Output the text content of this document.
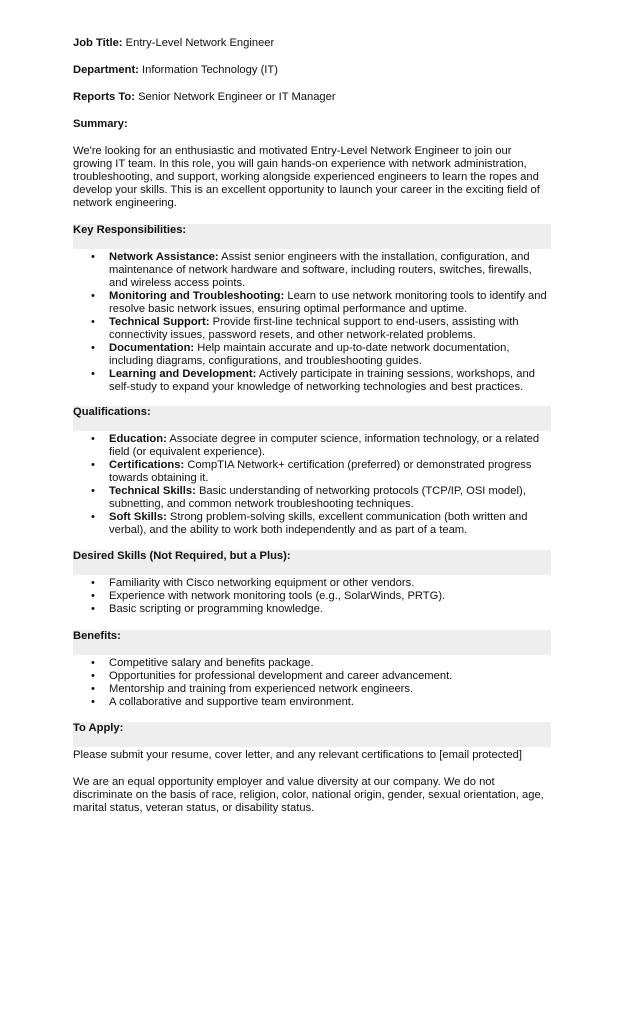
Job Title: Entry-Level Network Engineer
Department: Information Technology (IT)
Reports To: Senior Network Engineer or IT Manager
Summary:

We're looking for an enthusiastic and motivated Entry-Level Network Engineer to join our growing IT team. In this role, you will gain hands-on experience with network administration, troubleshooting, and support, working alongside experienced engineers to learn the ropes and develop your skills. This is an excellent opportunity to launch your career in the exciting field of network engineering.

Key Responsibilities:
•	Network Assistance: Assist senior engineers with the installation, configuration, and maintenance of network hardware and software, including routers, switches, firewalls, and wireless access points.
•	Monitoring and Troubleshooting: Learn to use network monitoring tools to identify and resolve basic network issues, ensuring optimal performance and uptime.
•	Technical Support: Provide first-line technical support to end-users, assisting with connectivity issues, password resets, and other network-related problems.
•	Documentation: Help maintain accurate and up-to-date network documentation, including diagrams, configurations, and troubleshooting guides.
•	Learning and Development: Actively participate in training sessions, workshops, and self-study to expand your knowledge of networking technologies and best practices.
Qualifications:
•	Education: Associate degree in computer science, information technology, or a related field (or equivalent experience).
•	Certifications: CompTIA Network+ certification (preferred) or demonstrated progress towards obtaining it.
•	Technical Skills: Basic understanding of networking protocols (TCP/IP, OSI model), subnetting, and common network troubleshooting techniques.
•	Soft Skills: Strong problem-solving skills, excellent communication (both written and verbal), and the ability to work both independently and as part of a team.
Desired Skills (Not Required, but a Plus):
•	Familiarity with Cisco networking equipment or other vendors.
•	Experience with network monitoring tools (e.g., SolarWinds, PRTG).
•	Basic scripting or programming knowledge.
Benefits:
•	Competitive salary and benefits package.
•	Opportunities for professional development and career advancement.
•	Mentorship and training from experienced network engineers.
•	A collaborative and supportive team environment.
To Apply:

Please submit your resume, cover letter, and any relevant certifications to [email protected]

We are an equal opportunity employer and value diversity at our company. We do not discriminate on the basis of race, religion, color, national origin, gender, sexual orientation, age, marital status, veteran status, or disability status.
